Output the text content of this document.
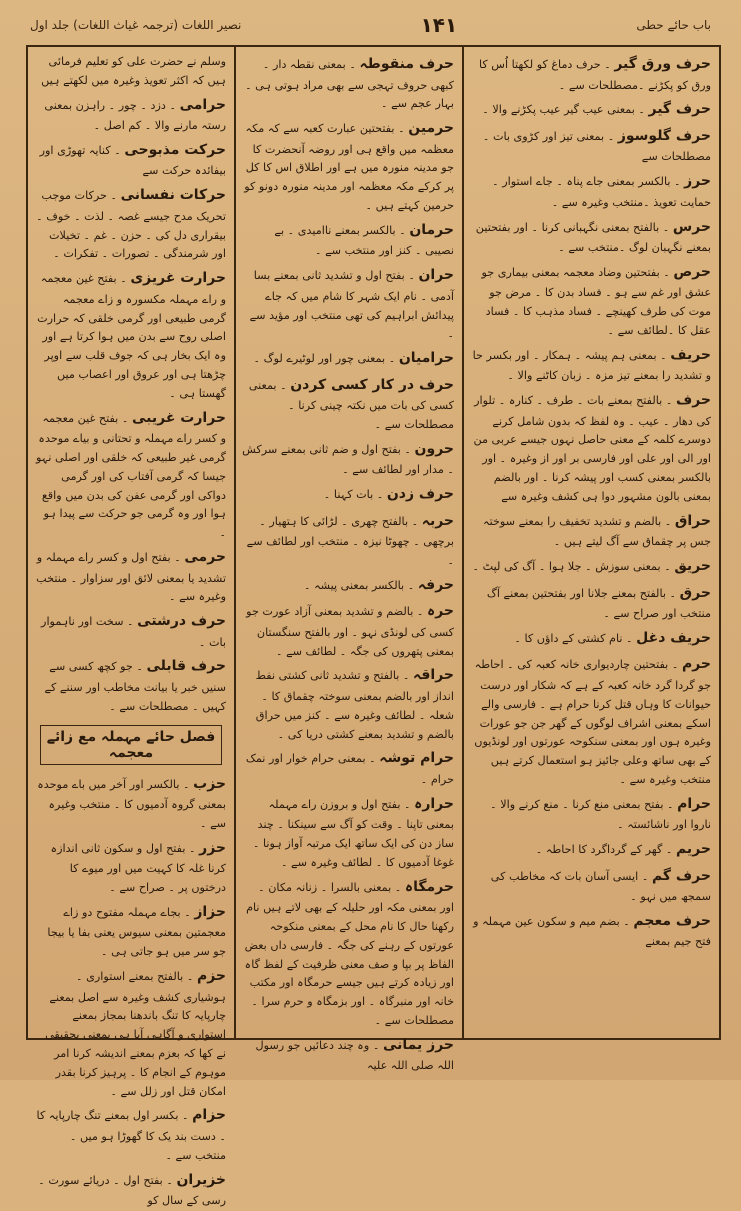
نصیر اللغات (ترجمہ غیاث اللغات) جلد اول	۱۴۱	باب حائے حطی
حرف ورق گیر ۔ حرف دماغ کو لکھتا اُس کا ورق کو پکڑنے ۔مصطلحات سے ۔
حرف گیر ۔ بمعنی عیب گیر عیب پکڑنے والا ۔
حرف گلوسوز ۔ بمعنی تیز اور کڑوی بات ۔مصطلحات سے
حرز ۔ بالکسر بمعنی جاے پناہ ۔ جاے استوار ۔ حمایت تعویذ ۔منتخب وغیرہ سے ۔
حرس ۔ بالفتح بمعنی نگہبانی کرنا ۔ اور بفتحتین بمعنے نگہبان لوگ ۔منتخب سے ۔
حرص ۔ بفتحتین وضاد معجمہ بمعنی بیماری جو عشق اور غم سے ہو ۔ فساد بدن کا ۔ مرض جو موت کی طرف کھینچے ۔ فساد مذہب کا ۔ فساد عقل کا ۔لطائف سے ۔
حریف ۔ بمعنی ہم پیشہ ۔ ہمکار ۔ اور بکسر حا و تشدید را بمعنے تیز مزہ ۔ زبان کاٹنے والا ۔
حرف ۔ بالفتح بمعنے بات ۔ طرف ۔ کنارہ ۔ تلوار کی دھار ۔ عیب ۔ وہ لفظ کہ بدون شامل کرنے دوسرے کلمہ کے معنی حاصل نہوں جیسے عربی من اور الی اور علی اور فارسی بر اور از وغیرہ ۔ اور بالکسر بمعنی کسب اور پیشہ کرنا ۔ اور بالضم بمعنی بالون مشہور دوا ہی کشف وغیرہ سے
حراق ۔ بالضم و تشدید تخفیف را بمعنے سوختہ جس پر چقماق سے آگ لیتے ہیں ۔
حریق ۔ بمعنی سوزش ۔ جلا ہوا ۔ آگ کی لپٹ ۔
حرق ۔ بالفتح بمعنے جلانا اور بفتحتین بمعنے آگ منتخب اور صراح سے ۔
حریف دغل ۔ نام کشتی کے داؤں کا ۔
حرم ۔ بفتحتین چاردیواری خانہ کعبہ کی ۔ احاطہ جو گردا گرد خانہ کعبہ کے ہے کہ شکار اور درست حیوانات کا وہاں قتل کرنا حرام ہے ۔ فارسی والے اسکے بمعنی اشراف لوگوں کے گھر جن جو عورات وغیرہ ہوں اور بمعنی سنکوحہ عورتوں اور لونڈیوں کے بھی ساتھ وعلی جائیز ہو استعمال کرتے ہیں منتخب وغیرہ سے ۔
حرام ۔ بفتح بمعنی منع کرنا ۔ منع کرنے والا ۔ ناروا اور ناشائستہ ۔
حریم ۔ گھر کے گرداگرد کا احاطہ ۔
حرف گم ۔ ایسی آسان بات کہ مخاطب کی سمجھ میں نہو ۔
حرف معجم ۔ بضم میم و سکون عین مہملہ و فتح جیم بمعنے
حرف منقوطہ ۔ بمعنی نقطہ دار ۔ کبھی حروف تہجی سے بھی مراد ہوتی ہی ۔ بہار عجم سے ۔
حرمین ۔ بفتحتین عبارت کعبہ سے کہ مکہ معظمہ میں واقع ہی اور روضہ آنحضرت کا جو مدینہ منورہ میں ہے اور اطلاق اس کا کل پر کرکے مکہ معظمہ اور مدینہ منورہ دونو کو حرمین کہتے ہیں ۔
حرمان ۔ بالکسر بمعنے ناامیدی ۔ بے نصیبی ۔ کنز اور منتخب سے ۔
حران ۔ بفتح اول و تشدید ثانی بمعنے بسا آدمی ۔ نام ایک شہر کا شام میں کہ جاے پیدائش ابراہیم کی تھی منتخب اور مؤید سے ۔
حرامیان ۔ بمعنی چور اور لوٹیرے لوگ ۔
حرف در کار کسی کردن ۔ بمعنی کسی کی بات میں نکتہ چینی کرنا ۔مصطلحات سے ۔
حرون ۔ بفتح اول و ضم ثانی بمعنے سرکش ۔ مدار اور لطائف سے ۔
حرف زدن ۔ بات کہنا ۔
حربہ ۔ بالفتح چھری ۔ لڑائی کا ہتھیار ۔ برچھی ۔ چھوٹا نیزہ ۔ منتخب اور لطائف سے ۔
حرفہ ۔ بالکسر بمعنی پیشہ ۔
حرہ ۔ بالضم و تشدید بمعنی آزاد عورت جو کسی کی لونڈی نہو ۔ اور بالفتح سنگستان بمعنی پتھروں کی جگہ ۔ لطائف سے ۔
حراقہ ۔ بالفتح و تشدید ثانی کشتی نفط انداز اور بالضم بمعنی سوختہ چقماق کا ۔ شعلہ ۔ لطائف وغیرہ سے ۔ کنز میں حراق بالضم و تشدید بمعنے کشتی دریا کی ۔
حرام توشہ ۔ بمعنی حرام خوار اور نمک حرام ۔
حرارہ ۔ بفتح اول و بروزن راے مہملہ بمعنی تاپنا ۔ وقت کو آگ سے سینکنا ۔ چند ساز دن کی ایک ساتھ ایک مرتبہ آواز ہونا ۔ غوغا آدمیوں کا ۔ لطائف وغیرہ سے ۔
حرمگاہ ۔ بمعنی بالسرا ۔ زنانہ مکان ۔ اور بمعنی مکہ اور حلیلہ کے بھی لاتے ہیں نام رکھنا حال کا نام محل کے بمعنی منکوحہ عورتوں کے رہنے کی جگہ ۔ فارسی داں بعض الفاظ پر بپا و صف معنی ظرفیت کے لفظ گاہ اور زیادہ کرتے ہیں جیسے حرمگاہ اور مکتب خانہ اور منبرگاہ ۔ اور بزمگاہ و حرم سرا ۔ مصطلحات سے ۔
حرز یمانی ۔ وہ چند دعائیں جو رسول اللہ صلی اللہ علیہ
وسلم نے حضرت علی کو تعلیم فرمائی ہیں کہ اکثر تعویذ وغیرہ میں لکھتے ہیں
حرامی ۔ دزد ۔ چور ۔ راہزن بمعنی رستہ مارنے والا ۔ کم اصل ۔
حرکت مذبوحی ۔ کنایہ تھوڑی اور بیفائدہ حرکت سے
حرکات نفسانی ۔ حرکات موجب تحریک مدح جیسے غصہ ۔ لذت ۔ خوف ۔ بیقراری دل کی ۔ حزن ۔ غم ۔ تخیلات اور شرمندگی ۔ تصورات ۔ تفکرات ۔
حرارت غریزی ۔ بفتح غین معجمہ و راے مہملہ مکسورہ و زاے معجمہ گرمی طبیعی اور گرمی خلقی کہ حرارت اصلی روح سے بدن میں ہوا کرتا ہے اور وہ ایک بخار ہی کہ جوف قلب سے اوپر چڑھتا ہی اور عروق اور اعصاب میں گھستا ہی ۔
حرارت غریبی ۔ بفتح غین معجمہ و کسر راے مہملہ و تحتانی و بیاے موحدہ گرمی غیر طبیعی کہ خلقی اور اصلی نہو جیسا کہ گرمی آفتاب کی اور گرمی دواکی اور گرمی عفن کی بدن میں واقع ہوا اور وہ گرمی جو حرکت سے پیدا ہو ۔
حرمی ۔ بفتح اول و کسر راے مہملہ و تشدید یا بمعنی لائق اور سزاوار ۔ منتخب وغیرہ سے ۔
حرف درشتی ۔ سخت اور ناہموار بات ۔
حرف قابلی ۔ جو کچھ کسی سے سنیں خبر یا بیانت مخاطب اور سننے کے کہیں ۔ مصطلحات سے ۔
فصل حائے مہملہ مع زائے معجمہ
حزب ۔ بالکسر اور آخر میں باے موحدہ بمعنی گروہ آدمیوں کا ۔ منتخب وغیرہ سے ۔
حزر ۔ بفتح اول و سکون ثانی اندازہ کرنا غلہ کا کہیت میں اور میوے کا درختوں پر ۔ صراح سے ۔
حزاز ۔ بجاے مہملہ مفتوح دو زاے معجمتین بمعنی سیوس یعنی بفا یا بیجا جو سر میں ہو جاتی ہی ۔
حزم ۔ بالفتح بمعنے استواری ۔ ہوشیاری کشف وغیرہ سے اصل بمعنے چارپایہ کا تنگ باندھنا بمجاز بمعنے استواری و آگاہی آیا ہی بمعنی بحقیقی نے کھا کہ بعزم بمعنے اندیشہ کرنا امر موہوم کے انجام کا ۔ پرہیز کرنا بقدر امکان قتل اور زلل سے ۔
حزام ۔ بکسر اول بمعنے تنگ چارپایہ کا ۔ دست بند یک کا گھوڑا ہو میں ۔ منتخب سے ۔
خزیران ۔ بفتح اول ۔ دریائے سورت ۔ رسی کے سال کو
